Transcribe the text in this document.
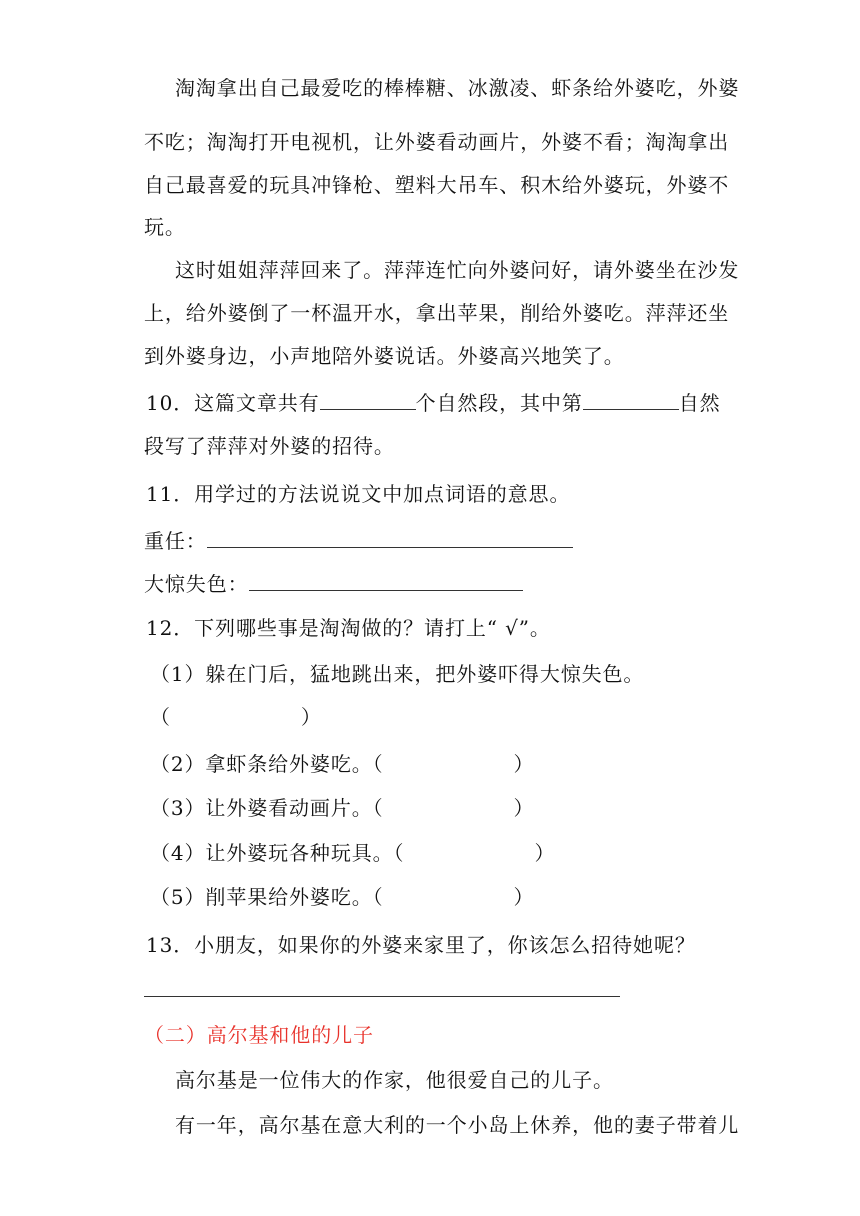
淘淘拿出自己最爱吃的棒棒糖、冰激凌、虾条给外婆吃，外婆
不吃；淘淘打开电视机，让外婆看动画片，外婆不看；淘淘拿出
自己最喜爱的玩具冲锋枪、塑料大吊车、积木给外婆玩，外婆不
玩。
这时姐姐萍萍回来了。萍萍连忙向外婆问好，请外婆坐在沙发
上，给外婆倒了一杯温开水，拿出苹果，削给外婆吃。萍萍还坐
到外婆身边，小声地陪外婆说话。外婆高兴地笑了。
10．这篇文章共有	个自然段，其中第	自然
段写了萍萍对外婆的招待。
11．用学过的方法说说文中加点词语的意思。
重任：
大惊失色：
12．下列哪些事是淘淘做的？请打上“ √”。
（1）躲在门后，猛地跳出来，把外婆吓得大惊失色。
（	）
（2）拿虾条给外婆吃。（	）
（3）让外婆看动画片。（	）
（4）让外婆玩各种玩具。（	）
（5）削苹果给外婆吃。（	）
13．小朋友，如果你的外婆来家里了，你该怎么招待她呢？
（二）高尔基和他的儿子
高尔基是一位伟大的作家，他很爱自己的儿子。
有一年，高尔基在意大利的一个小岛上休养，他的妻子带着儿
